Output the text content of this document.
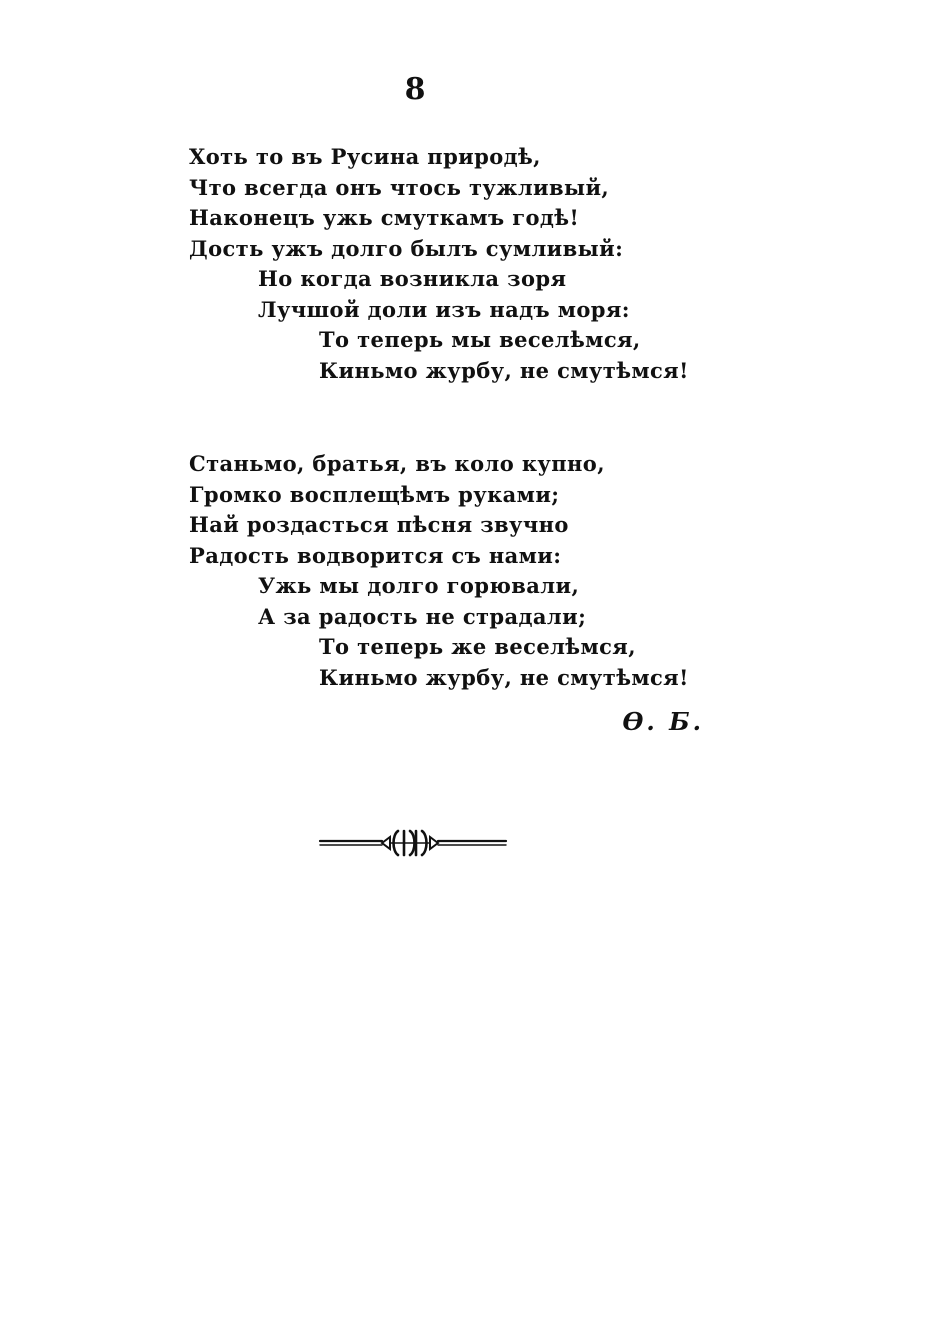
8
Хоть то въ Русина природѣ,
Что всегда онъ чтось тужливый,
Наконецъ ужь смуткамъ годѣ!
Дость ужъ долго былъ сумливый:
Но когда возникла зоря
Лучшой доли изъ надъ моря:
То теперь мы веселѣмся,
Киньмо журбу, не смутѣмся!
Станьмо, братья, въ коло купно,
Громко восплещѣмъ руками;
Най роздасться пѣсня звучно
Радость водворится съ нами:
Ужь мы долго горювали,
А за радость не страдали;
То теперь же веселѣмся,
Киньмо журбу, не смутѣмся!
Ѳ. Б.
